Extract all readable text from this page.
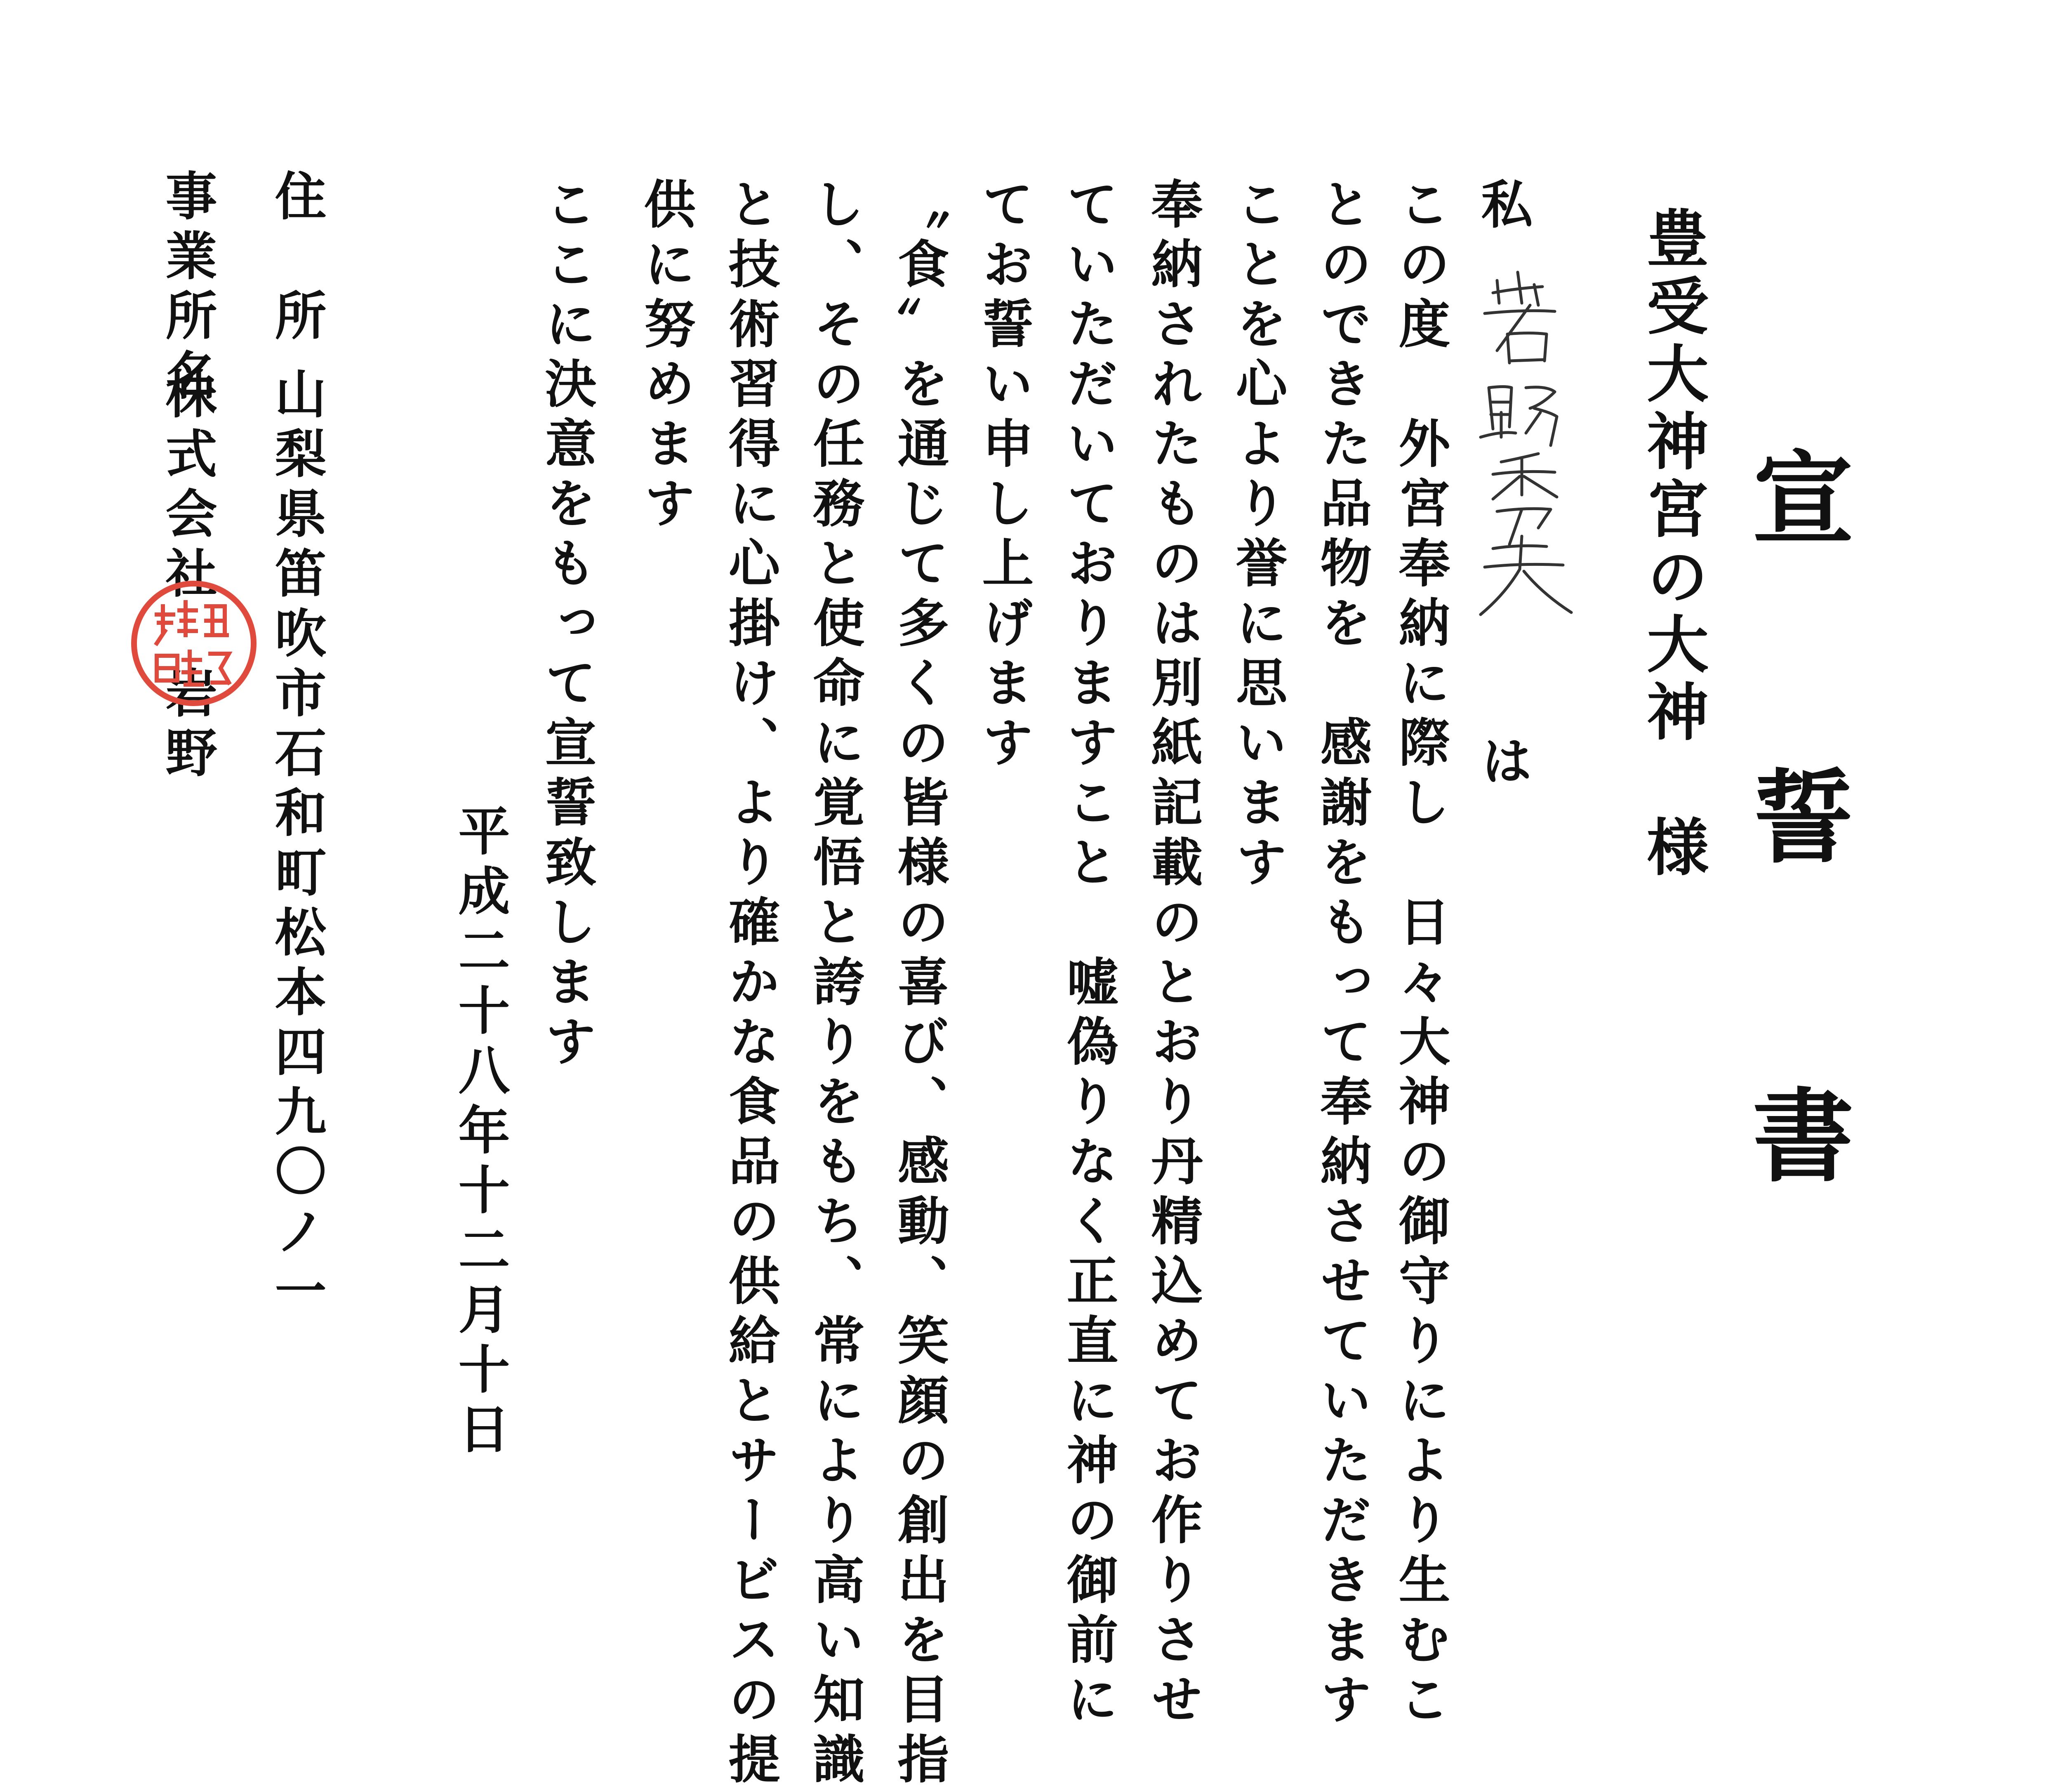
宣 誓 書
豊受大神宮の大神　様
私
は
この度　外宮奉納に際し　日々大神の御守りにより生むこ
とのできた品物を　感謝をもって奉納させていただきます
ことを心より誉に思います
奉納されたものは別紙記載のとおり丹精込めてお作りさせ
ていただいておりますこと　嘘偽りなく正直に神の御前に
てお誓い申し上げます
〝食〟を通じて多くの皆様の喜び、感動、笑顔の創出を目指
し、その任務と使命に覚悟と誇りをもち、常により高い知識
と技術習得に心掛け、より確かな食品の供給とサービスの提
供に努めます
ここに決意をもって宣誓致します
平成二十八年十二月十日
住　所
山梨県笛吹市石和町松本四九〇ノ一
事業所名
株式会社　岩野
